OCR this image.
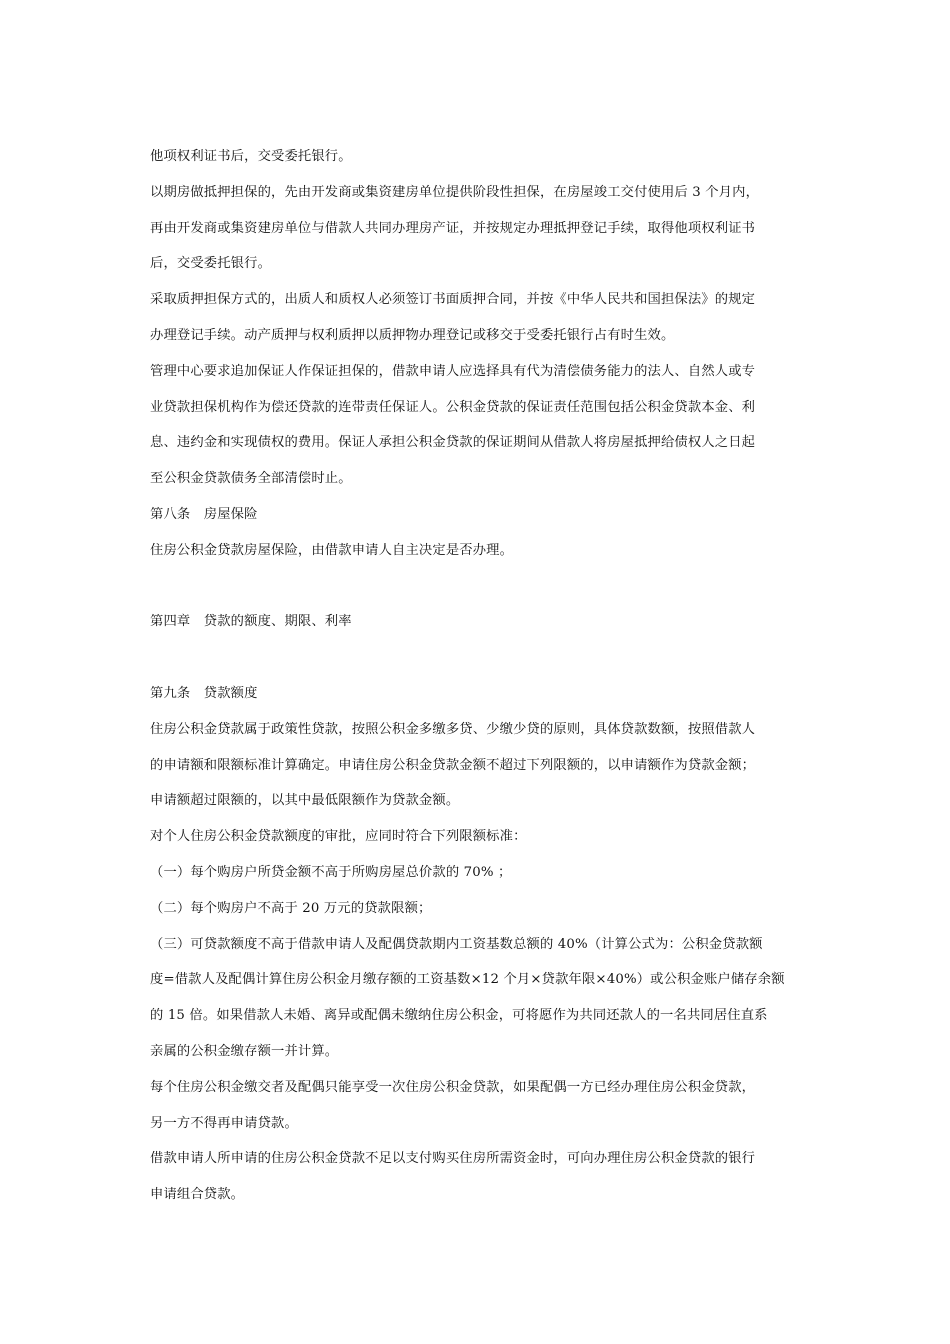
他项权利证书后，交受委托银行。
以期房做抵押担保的，先由开发商或集资建房单位提供阶段性担保，在房屋竣工交付使用后 3 个月内，
再由开发商或集资建房单位与借款人共同办理房产证，并按规定办理抵押登记手续，取得他项权利证书
后，交受委托银行。
采取质押担保方式的，出质人和质权人必须签订书面质押合同，并按《中华人民共和国担保法》的规定
办理登记手续。动产质押与权利质押以质押物办理登记或移交于受委托银行占有时生效。
管理中心要求追加保证人作保证担保的，借款申请人应选择具有代为清偿债务能力的法人、自然人或专
业贷款担保机构作为偿还贷款的连带责任保证人。公积金贷款的保证责任范围包括公积金贷款本金、利
息、违约金和实现债权的费用。保证人承担公积金贷款的保证期间从借款人将房屋抵押给债权人之日起
至公积金贷款债务全部清偿时止。
第八条　房屋保险
住房公积金贷款房屋保险，由借款申请人自主决定是否办理。
第四章　贷款的额度、期限、利率
第九条　贷款额度
住房公积金贷款属于政策性贷款，按照公积金多缴多贷、少缴少贷的原则，具体贷款数额，按照借款人
的申请额和限额标准计算确定。申请住房公积金贷款金额不超过下列限额的，以申请额作为贷款金额；
申请额超过限额的，以其中最低限额作为贷款金额。
对个人住房公积金贷款额度的审批，应同时符合下列限额标准：
（一）每个购房户所贷金额不高于所购房屋总价款的 70% ；
（二）每个购房户不高于 20 万元的贷款限额；
（三）可贷款额度不高于借款申请人及配偶贷款期内工资基数总额的 40%（计算公式为：公积金贷款额
度=借款人及配偶计算住房公积金月缴存额的工资基数×12 个月×贷款年限×40%）或公积金账户储存余额
的 15 倍。如果借款人未婚、离异或配偶未缴纳住房公积金，可将愿作为共同还款人的一名共同居住直系
亲属的公积金缴存额一并计算。
每个住房公积金缴交者及配偶只能享受一次住房公积金贷款，如果配偶一方已经办理住房公积金贷款，
另一方不得再申请贷款。
借款申请人所申请的住房公积金贷款不足以支付购买住房所需资金时，可向办理住房公积金贷款的银行
申请组合贷款。
